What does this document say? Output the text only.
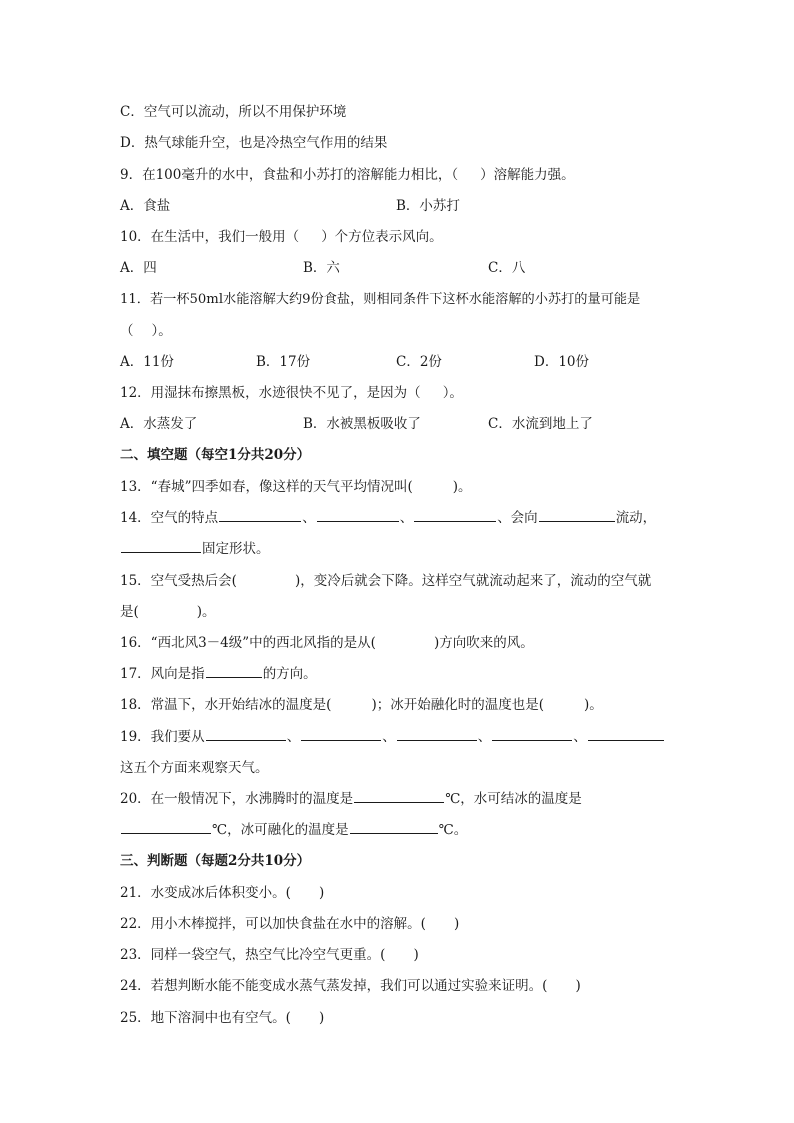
C．空气可以流动，所以不用保护环境
D．热气球能升空，也是冷热空气作用的结果
9．在100毫升的水中，食盐和小苏打的溶解能力相比，（ ）溶解能力强。
A．食盐	B．小苏打
10．在生活中，我们一般用（ ）个方位表示风向。
A．四	B．六	C．八
11．若一杯50ml水能溶解大约9份食盐，则相同条件下这杯水能溶解的小苏打的量可能是
（ ）。
A．11份	B．17份	C．2份	D．10份
12．用湿抹布擦黑板，水迹很快不见了，是因为（ ）。
A．水蒸发了	B．水被黑板吸收了	C．水流到地上了
二、填空题（每空1分共20分）
13．“春城”四季如春，像这样的天气平均情况叫(	)。
14．空气的特点	、	、	、会向	流动，
固定形状。
15．空气受热后会(	)，变冷后就会下降。这样空气就流动起来了，流动的空气就
是(	)。
16．“西北风3－4级”中的西北风指的是从(	)方向吹来的风。
17．风向是指	的方向。
18．常温下，水开始结冰的温度是(	)；冰开始融化时的温度也是(	)。
19．我们要从	、	、	、	、
这五个方面来观察天气。
20．在一般情况下，水沸腾时的温度是	℃，水可结冰的温度是
℃，冰可融化的温度是	℃。
三、判断题（每题2分共10分）
21．水变成冰后体积变小。( )
22．用小木棒搅拌，可以加快食盐在水中的溶解。( )
23．同样一袋空气，热空气比冷空气更重。( )
24．若想判断水能不能变成水蒸气蒸发掉，我们可以通过实验来证明。( )
25．地下溶洞中也有空气。( )
